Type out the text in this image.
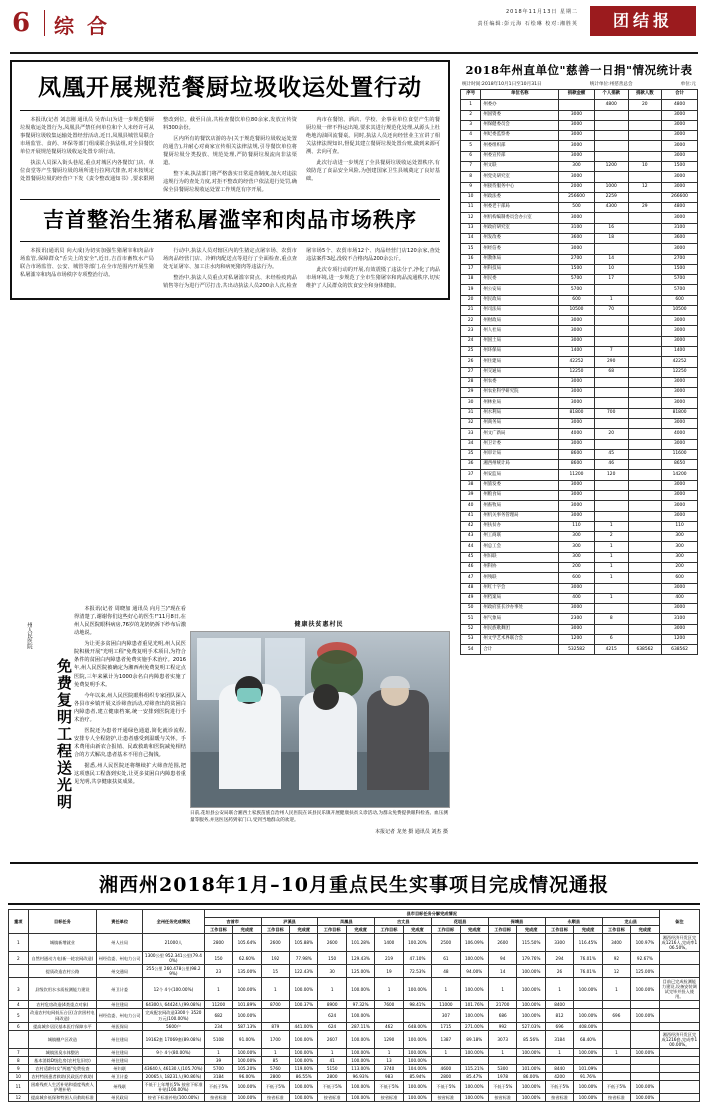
6 综 合
2018年11月13日 星期二
责任编辑:彭元海 石绘琳 校对:湘胜英	团结报
凤凰开展规范餐厨垃圾收运处置行动

本报讯(记者 刘志刚 通讯员 吴青山)为进一步规范餐厨垃圾收运处置行为,凤凰县严禁任何单位和个人未经许可从事餐厨垃圾收集运输处置经营活动,近日,凤凰县城管局联合市场监管、食药、环保等部门组成联合执法组,对全县餐饮单位开展规范餐厨垃圾收运处置专项行动。

执法人员深入街头巷尾,重点对城区内各餐饮门店、单位食堂等产生餐厨垃圾的场所进行拉网式排查,对未按规定处置餐厨垃圾的经营户下发《责令整改通知书》,要求限期整改到位。截至目前,共检查餐饮单位80余家,发放宣传资料300余份。

区内所有的餐饮店游的办(关于规范餐厨垃圾收运处置的通告),并耐心对商家宣传相关法律法规,引导餐饮单位将餐厨垃圾分类投放、规范处理,严防餐厨垃圾流向非法渠道。

整下来,执法部门将严格落实日常巡查制度,加大对违法违规行为的查处力度,对拒不整改的经营户依法进行处罚,确保全县餐厨垃圾收运处置工作规范有序开展。

内市在餐馆、酒店、学校、企事业单位食堂产生的餐厨垃圾一律不得运出境,要求其进行规范化处理,从源头上杜绝地沟油回流餐桌。同时,执法人员还向经营业主宣讲了相关法律法规知识,督促其建立餐厨垃圾处置台账,做到来源可溯、去向可查。

此次行动进一步规范了全县餐厨垃圾收运处置秩序,有效防范了食品安全风险,为创建国家卫生县城奠定了良好基础。

吉首整治生猪私屠滥宰和肉品市场秩序

本报讯(通讯员 向大成)为切实加强生猪屠宰和肉品市场监管,保障群众"舌尖上的安全",近日,吉首市畜牧水产局联合市场监管、公安、城管等部门,在全市范围内开展生猪私屠滥宰和肉品市场秩序专项整治行动。

行动中,执法人员对辖区内的生猪定点屠宰场、农贸市场肉品经营门店、冷鲜肉配送点等进行了全面检查,重点查处无证屠宰、加工注水肉和病死猪肉等违法行为。

整治中,执法人员重点对私屠滥宰窝点、未经检疫肉品销售等行为进行严厉打击,共出动执法人员200余人次,检查屠宰场5个、农贸市场12个、肉品经营门店120余家,查处违法案件3起,没收不合格肉品200余公斤。

此次专项行动的开展,有效震慑了违法分子,净化了肉品市场环境,进一步规范了全市生猪屠宰和肉品流通秩序,切实维护了人民群众的饮食安全和身体健康。

2018年州直单位"慈善一日捐"情况统计表
统计时间:2018年10月1日至10月31日	统计单位:州慈善总会	单位:元
序号	单位名称	捐款金额	个人捐款	捐款人数	合计
1	州委办		4800	20	4800
2	州国资委	3000			3000
3	州保健委员会	3000			3000
4	州纪委监察委	3000			3000
5	州委组织部	3000			3000
6	州委宣传部	3000			3000
7	州文联	300	1200	10	1500
8	州党史研究室	3000			3000
9	州接待服务中心	2000	1000	12	3000
10	州政法委	256600	2259		266600
11	州委老干部局	500	4300	29	4800
12	州机构编制委员会办公室	3000			3000
13	州政府研究室	3100	16		3100
14	州发改委	3600	18		3600
15	州经信委	3000			3000
16	州教体局	2700	14		2700
17	州科技局	1500	10		1500
18	州民委	5700	17		5700
19	州公安局	5700			5700
20	州民政局	600	1		600
21	州司法局	10500	70		10500
22	州财政局	3000			3000
23	州人社局	3000			3000
24	州国土局	3000			3000
25	州环保局	1400	7		1400
26	州住建局	42252	290		42252
27	州交通局	12250	68		12250
28	州农委	3000			3000
29	州农业科学研究院	3000			3000
30	州林业局	3000			3000
31	州水利局	81800	700		81800
32	州商务局	3000			3000
33	州文广新局	4000	20		4000
34	州卫计委	3000			3000
35	州审计局	8600	45		11600
36	湘西州统计局	8600	46		8650
37	州安监局	11200	120		14200
38	州旅发委	3000			3000
39	州粮食局	3000			3000
40	州畜牧局	3000			3000
41	州机关事务管理局	3000			3000
42	州扶贫办	110	1		110
43	州工商联	300	2		300
44	州总工会	300	1		300
45	州妇联	300	1		300
46	州科协	200	1		200
47	州残联	600	1		600
48	州红十字会	3000			3000
49	州档案局	400	1		400
50	州政府驻长沙办事处	3000			3000
51	州气象局	2300	8		3100
52	州民族歌舞团	3000			3000
53	州文学艺术界联合会	1200	6		1200
54	合计	532582	4215	638562	638562
州人民医院
免费复明工程送光明

本报讯(记者 周晓加 通讯员 向月兰)"现在看得清楚了,谢谢你们这些好心的医生!"11月8日,在州人民医院眼科病房,76岁的龙奶奶拆下纱布后激动地说。

为让更多贫困白内障患者重见光明,州人民医院积极开展"光明工程"免费复明手术项目,为符合条件的贫困白内障患者免费实施手术治疗。2016年,州人民医院被确定为湘西州免费复明工程定点医院,三年来累计为1000余名白内障患者实施了免费复明手术。

今年以来,州人民医院眼科组织专家团队深入各县市乡镇开展义诊筛查活动,对筛查出的贫困白内障患者,建立健康档案,统一安排到医院进行手术治疗。

医院还为患者开通绿色通道,简化就诊流程,安排专人全程陪护,让患者感受到温暖与关怀。手术费用由新农合报销、民政救助和医院减免相结合的方式解决,患者基本不用自己掏钱。

据悉,州人民医院还将继续扩大筛查范围,把这项惠民工程落到实处,让更多贫困白内障患者重见光明,共享健康扶贫成果。

健康扶贫惠村民
日前,花垣县公安局联合湘西土家族苗族自治州人民医院在该县民乐镇开展健康扶贫义诊活动,为群众免费提供眼科检查、血压测量等服务,并送医送药到家门口,受到当地群众的欢迎。
本报记者 龙尧 摄 通讯员 刘杰 摄
湘西州2018年1月–10月重点民生实事项目完成情况通报
重项	目标任务	责任单位	全州任务完成情况	县市目标任务分解完成情况																备注
				吉首市		泸溪县		凤凰县		古丈县		花垣县		保靖县		永顺县		龙山县		
				工作目标	完成度	工作目标	完成度	工作目标	完成度	工作目标	完成度	工作目标	完成度	工作目标	完成度	工作目标	完成度	工作目标	完成度	
1	城镇新增就业	州人社局	21000人	2800	105.64%	2600	105.88%	2600	101.28%	1400	100.20%	2500	106.09%	2600	115.50%	3300	116.45%	3400	100.97%	湘西经济开发区完成1216人,完成率106.50%。
2	自然村通动力电(新一轮农网改造)	州经信委、州电力公司	1300公里 952.341公里(79.40%)	150	62.60%	192	77.98%	150	129.43%	219	47.10%	61	100.00%	94	179.76%	294	76.01%	92	92.67%	
	提质改造农村公路	州交通局	255公里 260.478公里(98.29%)	23	135.00%	15	122.43%	30	125.00%	19	72.53%	48	94.00%	14	100.00%	26	76.01%	12	125.00%	
3	县级饮用水水质检测能力建设	州卫计委	12个 4个(100.00%)	1	100.00%	1	100.00%	1	100.00%	1	100.00%	1	100.00%	1	100.00%	1	100.00%	1	100.00%	目前已完成检测能力建设,设备安装调试完毕并投入使用。
4	农村危房改造(4类重点对象)	州住建局	64300人 64424人(99.08%)	11200	101.89%	8700	100.37%	8900	97.32%	7600	98.41%	11000	101.76%	21700	100.00%	8400				
5	改造农村电网低压台区(含贫困村电网改造)	州经信委、州电力公司	完成配农网改造3300个 3520万元(100.00%)	682	100.00%			624	100.00%			307	100.00%	686	100.00%	812	100.00%	696	100.00%	
6	提高城乡居民基本医疗保障水平	州医保局	5600户	234	587.13%	879	441.00%	624	287.11%	462	648.00%	1715	271.00%	992	527.03%	696	408.00%			
	城镇棚户区改造	州住建局	19162套 17069套(89.08%)	5108	91.00%	1700	100.00%	2607	100.00%	1290	100.00%	1387	89.18%	3073	85.56%	3184	68.40%			湘西经济开发区完成1216套,完成率100.00%。
7	城镇黑臭水体整治	州住建局	9个 4个(80.00%)	1	100.00%	1	100.00%	1	100.00%	1	100.00%	1	100.00%	1	100.00%	1	100.00%	1	100.00%	
8	基本消除D级危房(农村危旧房)	州住建局		39	100.00%	85	100.00%	41	100.00%	13	100.00%									
9	农村适龄妇女"两癌"免费检查	州妇联	43640人 46130人(105.70%)	5700	105.20%	5760	119.00%	5150	113.00%	3740	104.00%	4600	115.21%	5300	101.00%	8440	101.09%			
10	农村特困患者救助(民政医疗救助)	州卫计委	20065人 18231人(90.86%)	3184	96.00%	2800	86.55%	2800	96.93%	983	85.94%	2800	85.47%	1978	86.00%	4200	91.76%			
11	困难残疾人生活补贴和重度残疾人护理补贴	州残联	不低于上年增长5% 按省下标准补贴(100.00%)	不低于5%	100.00%	不低于5%	100.00%	不低于5%	100.00%	不低于5%	100.00%	不低于5%	100.00%	不低于5%	100.00%	不低于5%	100.00%	不低于5%	100.00%	
12	提高城乡低保和特困人员救助标准	州民政局	按省下标准补贴(100.00%)	按省标准	100.00%	按省标准	100.00%	按省标准	100.00%	按省标准	100.00%	按省标准	100.00%	按省标准	100.00%	按省标准	100.00%	按省标准	100.00%	
